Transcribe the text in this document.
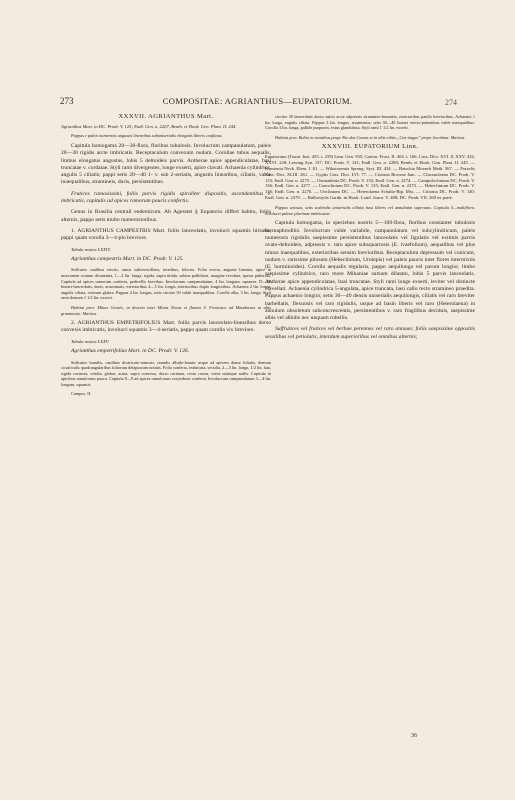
273	COMPOSITAE: AGRIANTHUS—EUPATORIUM.	274
XXXVII. AGRIANTHUS Mart.

Agrianthus Mart. in DC. Prodr. V. 125; Endl. Gen. n. 2267, Benth. et Hook. Gen. Plant. II. 244.

Pappus e paleis numerosis angustis linearibus subuniserialis elongatis liberis conflatus.

Capitula homogama 20—30-flora, floribus tubulosis. Involucrum campanulatum, paleis 20—30 rigidis arcte imbricatis. Receptaculum convexum nudum. Corollae tubus aequalis, limbus elongatus angustus, lobis 5 deltoideis parvis. Antherae apice appendiculatae, basi truncatae v. cordatae. Styli rami divergentes, longe exserti, apice clavati. Achaenia cylindrica, angulis 5 ciliatis; pappi setis 20—40 1- v. sub 2-seriatis, angustis linearibus, ciliatis, valde inaequalibus, stramineis, duris, persistentibus.

Frutices ramosissimi, foliis parvis rigidis spiraliter dispositis, ascendentibus v. imbricatis, capitulis ad apices ramorum paucis confertis.

Genus in Brasilia centrali endemicum. Ab Ageratei § Eupatorio differt habitu, foliis alternis, pappo setis multo numerosioribus.

1. AGRIANTHUS CAMPESTRIS Mart. foliis lanceolatis, involucri squamis hirsutis, pappi quam corolla 3—4-plo breviore.

Tabula nostra LXXIV.

Agrianthus campestris Mart. in DC. Prodr. V. 125.

Suffrutex caulibus erectis, ramis subverticillatis, teretibus, foliosis. Folia erecta, anguste linearia, apice in mucronem acutum desinentia, 1—2 lin. longa, rigida, supra nitida, subtus pallidiora, margine revoluta, sparse puberula. Capitula ad apices ramorum conferta, pedicellis brevibus. Involucrum campanulatum, 4 lin. longum, squamis 15—20 lineari-lanceolatis, duris, acuminatis, exterioribus 4—5 lin. longis, interioribus duplo longioribus. Achaenia 2 lin. longa, angulis ciliata, ceterum glabra. Pappus 4 lin. longus, setis circiter 30 valde inaequalibus. Corolla alba, 3 lin. longa. Styli rami demum 1 1/2 lin. exserti.

Habitat prov. Minas Geraës, in deserto inter Minas Novas et flumen S. Francisco ad Mandacaes in altis graminosis: Martius.

2. AGRIANTHUS EMPETRIFOLIUS Mart. foliis parvis lanceolato-linearibus dorso convexis imbricatis, involucri squamis 3—4-seriatis, pappo quam corolla vix breviore.

Tabula nostra LXXV.

Agrianthus empetrifolius Mart. in DC. Prodr. V. 126.

Suffrutex humilis, caulibus divaricato-ramosis, ramulis albido-lanatis usque ad apicem dense foliatis, demum cicatriculis quadrangularibus foliorum delapsorum notatis. Folia conferta, imbricata, sessilia, 2—3 lin. longa, 1/2 lin. lata, rigida coriacea, viridia, glabra, acuta, supra convexa, dorso carinata, costa crassa, venis utrinque nullis. Capitula in apicibus ramulorum pauca. Capitula 8—9 ad apices ramulorum corymbose conferta. Involucrum campanulatum 3—4 lin. longum, squamis

Campos. II.

circiter 30 lanceolatis dorso sulcis arcte adpressis stramineo-brunneis, exterioribus paullo brevioribus. Achaenia 1 lin. longa, angulis ciliata. Pappus 3 lin. longus, stramineus, setis 30—40 lineari erecto-patentibus valde inaequalibus. Corolla 3 lin. longa, pallide purpurea, extus glandulosa. Styli rami 1 1/2 lin. exserti.

Habitat prov. Bahia in montibus prope Rio das Contas et in altis editis „Cas-tingas” prope Jacobina: Martius.

XXXVIII. EUPATORIUM Linn.

Eupatorium (Tourn. Inst. 455. t. 259) Linn. Gen. 935; Gaertn. Fruct. II. 404. t. 166; Cass. Dict. XVI. 8, XXV. 432, XXVI. 228; Lessing Syn. 157; DC. Prodr. V. 141; Endl. Gen. n. 2280; Benth. et Hook. Gen. Plant. II. 245. — Kyrstenia Neck. Elem. I. 81. — Wikstroemia Spreng. Syst. III. 434. — Batschia Moench Meth. 567. — Praxelis Cass. Dict. XLIII. 261. — Gyptis Cass. Dict. LVI. 77. — Critonia Browne Jam. — Chromolaena DC. Prodr. V. 133; Endl. Gen. n. 2275. — Osmiadenia DC. Prodr. V. 133; Endl. Gen. n. 2274. — Campuloclinium DC. Prodr. V. 136; Endl. Gen. n. 2277. — Conoclinium DC. Prodr. V. 135; Endl. Gen. n. 2273. — Hebeclinium DC. Prodr. V. 136; Endl. Gen. n. 2276. — Ooclinium DC. — Heterolaena Schultz-Bip. Mss. — Critonia DC. Prodr. V. 140; Endl. Gen. n. 2279. — Bulbostylis Gardn. in Hook. Lond. Journ. V. 488; DC. Prodr. VII. 269 ex parte.

Pappus setosus, setis scabridis uniserialis ciliatis basi liberis vel annulatim superatas. Capitula 5—multiflora. Involucri paleae plurimae imbricatae.

Capitula homogama, in speciebus nostris 5—100-flora, floribus constanter tubulosis hermaphroditis. Involucrum valde variabile, campanulatum vel subcylindricum, paleis numerosis rigidulis saepissime persistentibus lanceolatis vel ligulatis vel extimis parvis ovato-deltoideis, adpressis v. raro apice subsquarrosis (E. ivaefolium), aequalibus vel plus minus inaequalibus, exterioribus sensim brevioribus. Receptaculum depressum vel conicum, nudum v. rarissime pilosum (Hebeclinium, Urolepis) vel paleis paucis inter flores intermixtis (E. horminoides). Corolla aequalis regularis, pappo aequilonga vel parum longior, limbo saepissime cylindrico, raro more Mikaniae sursum dilatato, lobis 5 parvis lanceolatis. Antherae apice appendiculatae, basi truncatae. Styli rami longe exserti, leviter vel distincte clavellati. Achaenia cylindrica 5-angulata, apice truncata, basi callo recto stramineo praedita. Pappus achaenio longior, setis 30—40 densis uniserialis aequilongis, ciliatis vel raro breviter barbellatis, flexuosis vel raro rigidulis, usque ad basin liberis vel raro (Heterolaena) in annulum obsoletum subconcrescentis, persistentibus v. raro fragilibus deciduis, saepissime albis vel albidis nec unquam rubellis.

Suffrutices vel frutices vel herbae perennes vel raro annuae; foliis saepissime oppositis sessilibus vel petiolatis, interdum superioribus vel omnibus alternis;

36
